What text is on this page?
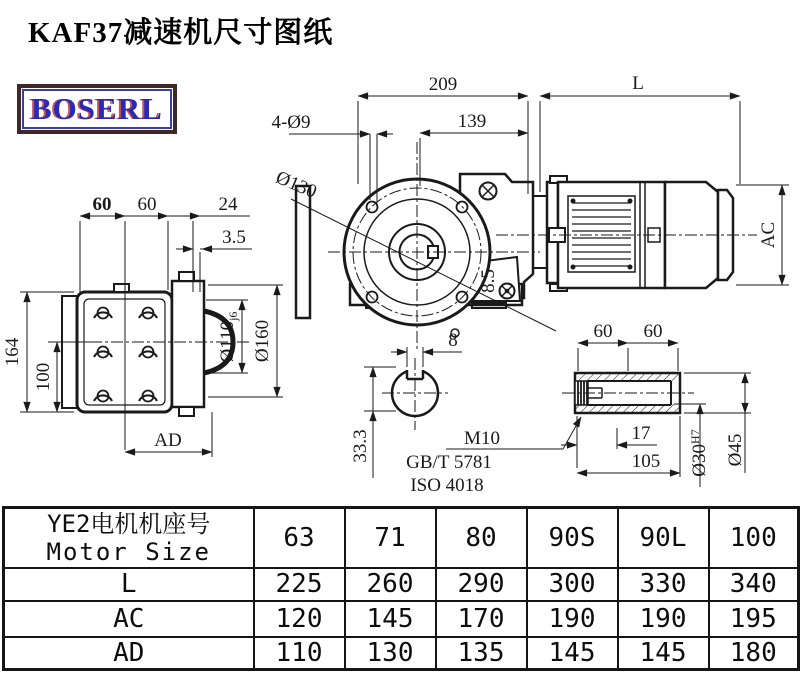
KAF37减速机尺寸图纸
BOSERL
209	L
139
4-Ø9
Ø130
60 60	24
3.5
164
100
AD
$Ø110_{j6}$
Ø160
AC
8.5
8
33.3	M10
GB/T 5781
ISO 4018
60 60
17
105 $Ø30^{H7}$	Ø45
YE2电机机座号
Motor Size	63	71	80	90S	90L	100
L	225	260	290	300	330	340
AC	120	145	170	190	190	195
AD	110	130	135	145	145	180
